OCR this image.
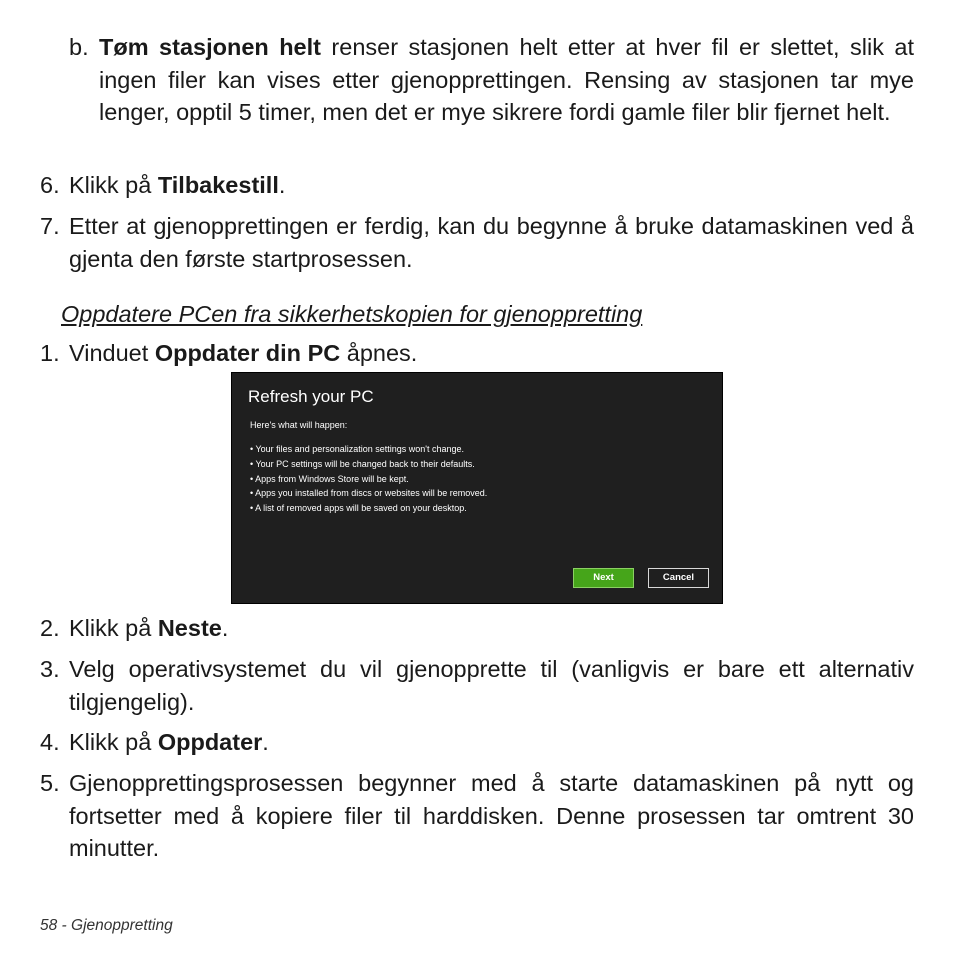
b. Tøm stasjonen helt renser stasjonen helt etter at hver fil er slettet, slik at ingen filer kan vises etter gjenopprettingen. Rensing av stasjonen tar mye lenger, opptil 5 timer, men det er mye sikrere fordi gamle filer blir fjernet helt.
6. Klikk på Tilbakestill.
7. Etter at gjenopprettingen er ferdig, kan du begynne å bruke datamaskinen ved å gjenta den første startprosessen.
Oppdatere PCen fra sikkerhetskopien for gjenoppretting
1. Vinduet Oppdater din PC åpnes.
Refresh your PC
Here's what will happen:
• Your files and personalization settings won't change.
• Your PC settings will be changed back to their defaults.
• Apps from Windows Store will be kept.
• Apps you installed from discs or websites will be removed.
• A list of removed apps will be saved on your desktop.
Next	Cancel
2. Klikk på Neste.
3. Velg operativsystemet du vil gjenopprette til (vanligvis er bare ett alternativ tilgjengelig).
4. Klikk på Oppdater.
5. Gjenopprettingsprosessen begynner med å starte datamaskinen på nytt og fortsetter med å kopiere filer til harddisken. Denne prosessen tar omtrent 30 minutter.
58 - Gjenoppretting
